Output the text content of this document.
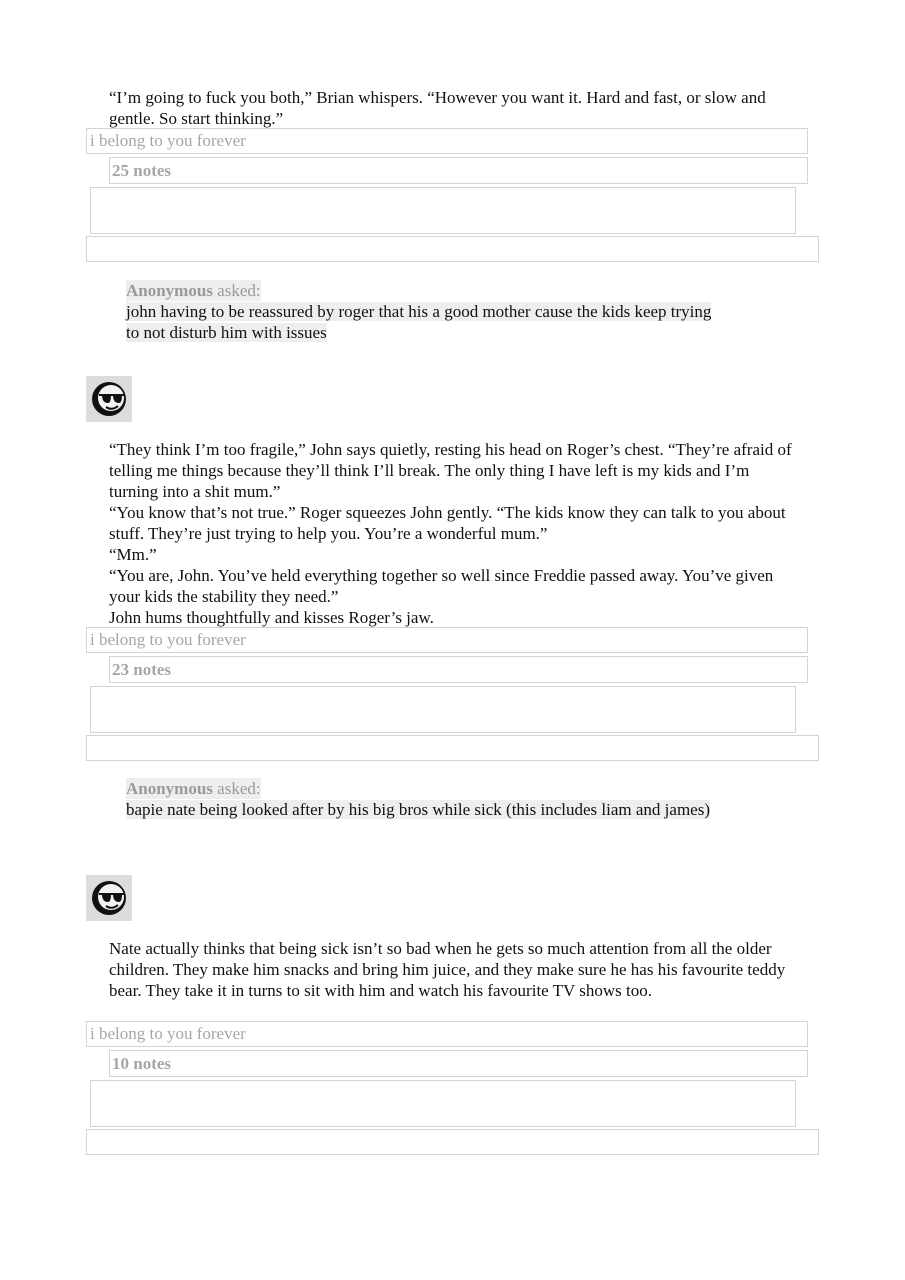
“I’m going to fuck you both,” Brian whispers. “However you want it. Hard and fast, or slow and gentle. So start thinking.”

i belong to you forever
25 notes
Anonymous asked:

john having to be reassured by roger that his a good mother cause the kids keep trying to not disturb him with issues

“They think I’m too fragile,” John says quietly, resting his head on Roger’s chest. “They’re afraid of telling me things because they’ll think I’ll break. The only thing I have left is my kids and I’m turning into a shit mum.”

“You know that’s not true.” Roger squeezes John gently. “The kids know they can talk to you about stuff. They’re just trying to help you. You’re a wonderful mum.”

“Mm.”

“You are, John. You’ve held everything together so well since Freddie passed away. You’ve given your kids the stability they need.”

John hums thoughtfully and kisses Roger’s jaw.

i belong to you forever
23 notes
Anonymous asked:

bapie nate being looked after by his big bros while sick (this includes liam and james)

Nate actually thinks that being sick isn’t so bad when he gets so much attention from all the older children. They make him snacks and bring him juice, and they make sure he has his favourite teddy bear. They take it in turns to sit with him and watch his favourite TV shows too.

i belong to you forever
10 notes
